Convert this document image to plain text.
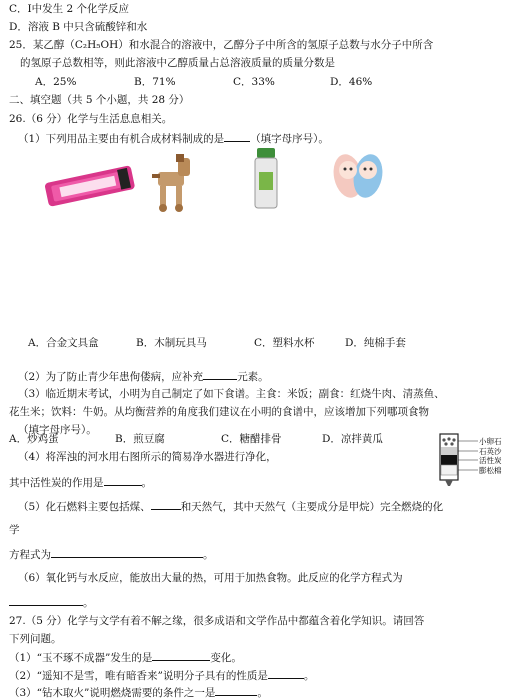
C．Ⅰ中发生 2 个化学反应
D．溶液 B 中只含硫酸锌和水
25．某乙醇（C₂H₅OH）和水混合的溶液中，乙醇分子中所含的氢原子总数与水分子中所含
的氢原子总数相等，则此溶液中乙醇质量占总溶液质量的质量分数是
A．25%	B．71%	C．33%	D．46%
二、填空题（共 5 个小题，共 28 分）
26.（6 分）化学与生活息息相关。
（1）下列用品主要由有机合成材料制成的是 （填字母序号）。
A．合金文具盒	B．木制玩具马	C．塑料水杯	D．纯棉手套
（2）为了防止青少年患佝偻病，应补充	元素。
（3）临近期末考试，小明为自己制定了如下食谱。主食：米饭；副食：红烧牛肉、清蒸鱼、
花生米；饮料：牛奶。从均衡营养的角度我们建议在小明的食谱中，应该增加下列哪项食物
（填字母序号）。
A．炒鸡蛋	B．煎豆腐	C．糖醋排骨	D．凉拌黄瓜
（4）将浑浊的河水用右图所示的简易净水器进行净化，
小卵石
石英沙
活性炭
膨松棉
其中活性炭的作用是	。
（5）化石燃料主要包括煤、	和天然气，其中天然气（主要成分是甲烷）完全燃烧的化
学
方程式为	。
（6）氧化钙与水反应，能放出大量的热，可用于加热食物。此反应的化学方程式为
。
27.（5 分）化学与文学有着不解之缘，很多成语和文学作品中都蕴含着化学知识。请回答
下列问题。
（1）“玉不琢不成器”发生的是	变化。
（2）“遥知不是雪，唯有暗香来”说明分子具有的性质是	。
（3）“钻木取火”说明燃烧需要的条件之一是	。
